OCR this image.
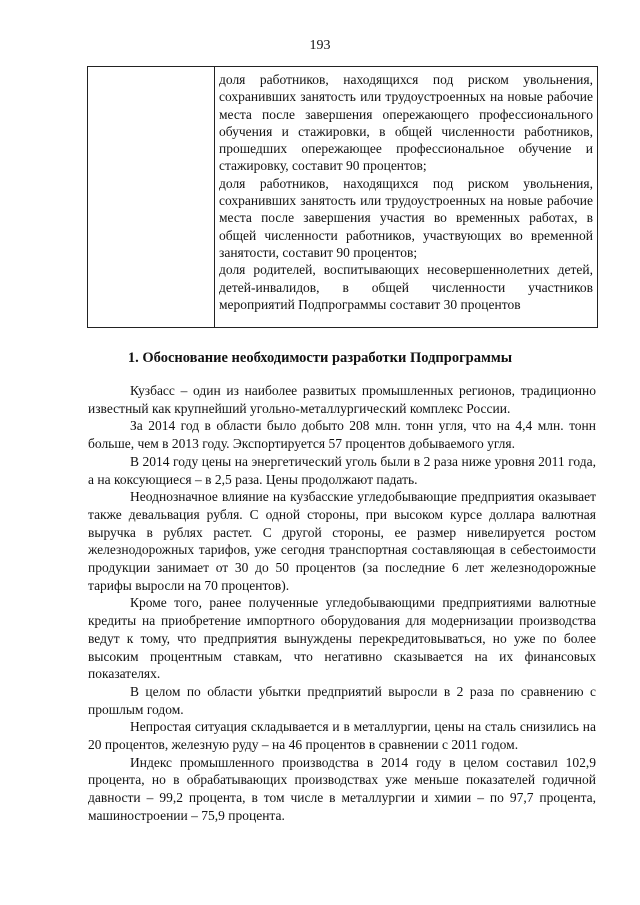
193

доля работников, находящихся под риском увольнения, сохранивших занятость или трудоустроенных на новые рабочие места после завершения опережающего профессионального обучения и стажировки, в общей численности работников, прошедших опережающее профессиональное обучение и стажировку, составит 90 процентов;

доля работников, находящихся под риском увольнения, сохранивших занятость или трудоустроенных на новые рабочие места после завершения участия во временных работах, в общей численности работников, участвующих во временной занятости, составит 90 процентов;

доля родителей, воспитывающих несовершеннолетних детей, детей-инвалидов, в общей численности участников мероприятий Подпрограммы составит 30 процентов

1. Обоснование необходимости разработки Подпрограммы

Кузбасс – один из наиболее развитых промышленных регионов, традиционно известный как крупнейший угольно-металлургический комплекс России.

За 2014 год в области было добыто 208 млн. тонн угля, что на 4,4 млн. тонн больше, чем в 2013 году. Экспортируется 57 процентов добываемого угля.

В 2014 году цены на энергетический уголь были в 2 раза ниже уровня 2011 года, а на коксующиеся – в 2,5 раза. Цены продолжают падать.

Неоднозначное влияние на кузбасские угледобывающие предприятия оказывает также девальвация рубля. С одной стороны, при высоком курсе доллара валютная выручка в рублях растет. С другой стороны, ее размер нивелируется ростом железнодорожных тарифов, уже сегодня транспортная составляющая в себестоимости продукции занимает от 30 до 50 процентов (за последние 6 лет железнодорожные тарифы выросли на 70 процентов).

Кроме того, ранее полученные угледобывающими предприятиями валютные кредиты на приобретение импортного оборудования для модернизации производства ведут к тому, что предприятия вынуждены перекредитовываться, но уже по более высоким процентным ставкам, что негативно сказывается на их финансовых показателях.

В целом по области убытки предприятий выросли в 2 раза по сравнению с прошлым годом.

Непростая ситуация складывается и в металлургии, цены на сталь снизились на 20 процентов, железную руду – на 46 процентов в сравнении с 2011 годом.

Индекс промышленного производства в 2014 году в целом составил 102,9 процента, но в обрабатывающих производствах уже меньше показателей годичной давности – 99,2 процента, в том числе в металлургии и химии – по 97,7 процента, машиностроении – 75,9 процента.
